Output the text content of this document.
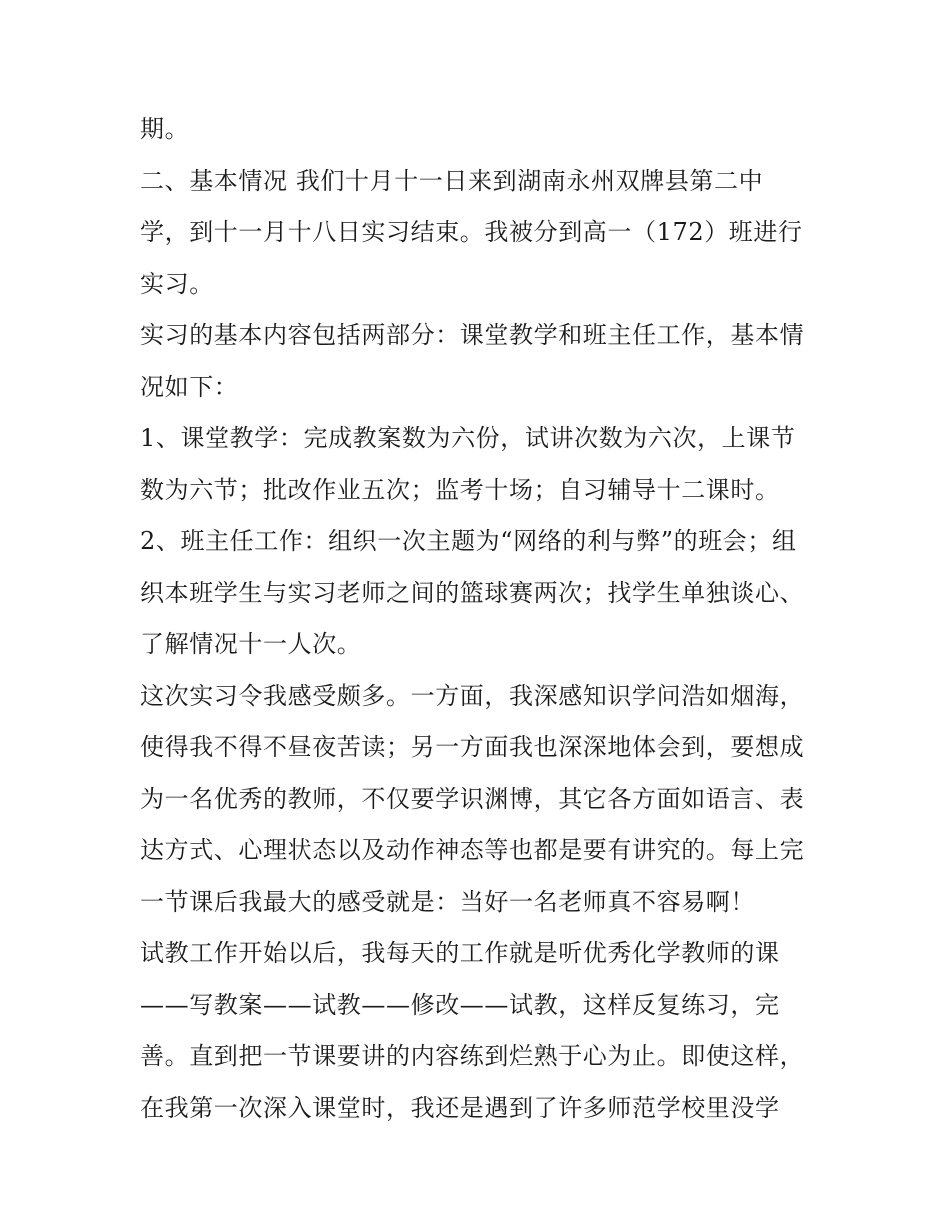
期。
二、基本情况 我们十月十一日来到湖南永州双牌县第二中
学，到十一月十八日实习结束。我被分到高一（172）班进行
实习。
实习的基本内容包括两部分：课堂教学和班主任工作，基本情
况如下：
1、课堂教学：完成教案数为六份，试讲次数为六次，上课节
数为六节；批改作业五次；监考十场；自习辅导十二课时。
2、班主任工作：组织一次主题为“网络的利与弊”的班会；组
织本班学生与实习老师之间的篮球赛两次；找学生单独谈心、
了解情况十一人次。
这次实习令我感受颇多。一方面，我深感知识学问浩如烟海，
使得我不得不昼夜苦读；另一方面我也深深地体会到，要想成
为一名优秀的教师，不仅要学识渊博，其它各方面如语言、表
达方式、心理状态以及动作神态等也都是要有讲究的。每上完
一节课后我最大的感受就是：当好一名老师真不容易啊！
试教工作开始以后，我每天的工作就是听优秀化学教师的课
——写教案——试教——修改——试教，这样反复练习，完
善。直到把一节课要讲的内容练到烂熟于心为止。即使这样，
在我第一次深入课堂时，我还是遇到了许多师范学校里没学
